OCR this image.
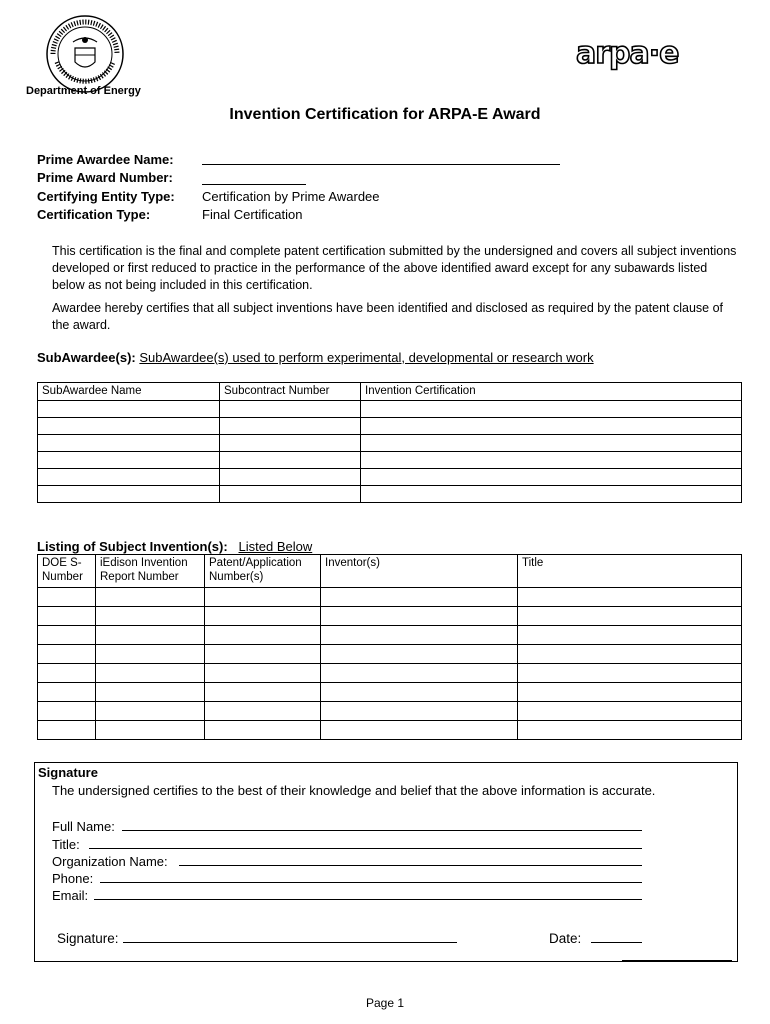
arpa·e
Department of Energy
Invention Certification for ARPA-E Award
Prime Awardee Name:
Prime Award Number:
Certifying Entity Type: Certification by Prime Awardee
Certification Type:	Final Certification
This certification is the final and complete patent certification submitted by the undersigned and covers all subject inventions developed or first reduced to practice in the performance of the above identified award except for any subawards listed below as not being included in this certification.
Awardee hereby certifies that all subject inventions have been identified and disclosed as required by the patent clause of the award.
SubAwardee(s): SubAwardee(s) used to perform experimental, developmental or research work
SubAwardee Name	Subcontract Number	Invention Certification

Listing of Subject Invention(s): Listed Below
DOE S-Number	iEdison Invention Report Number	Patent/Application Number(s)	Inventor(s)	Title

Signature
The undersigned certifies to the best of their knowledge and belief that the above information is accurate.
Full Name:
Title:
Organization Name:
Phone:
Email:
Signature:	Date:
Page 1
